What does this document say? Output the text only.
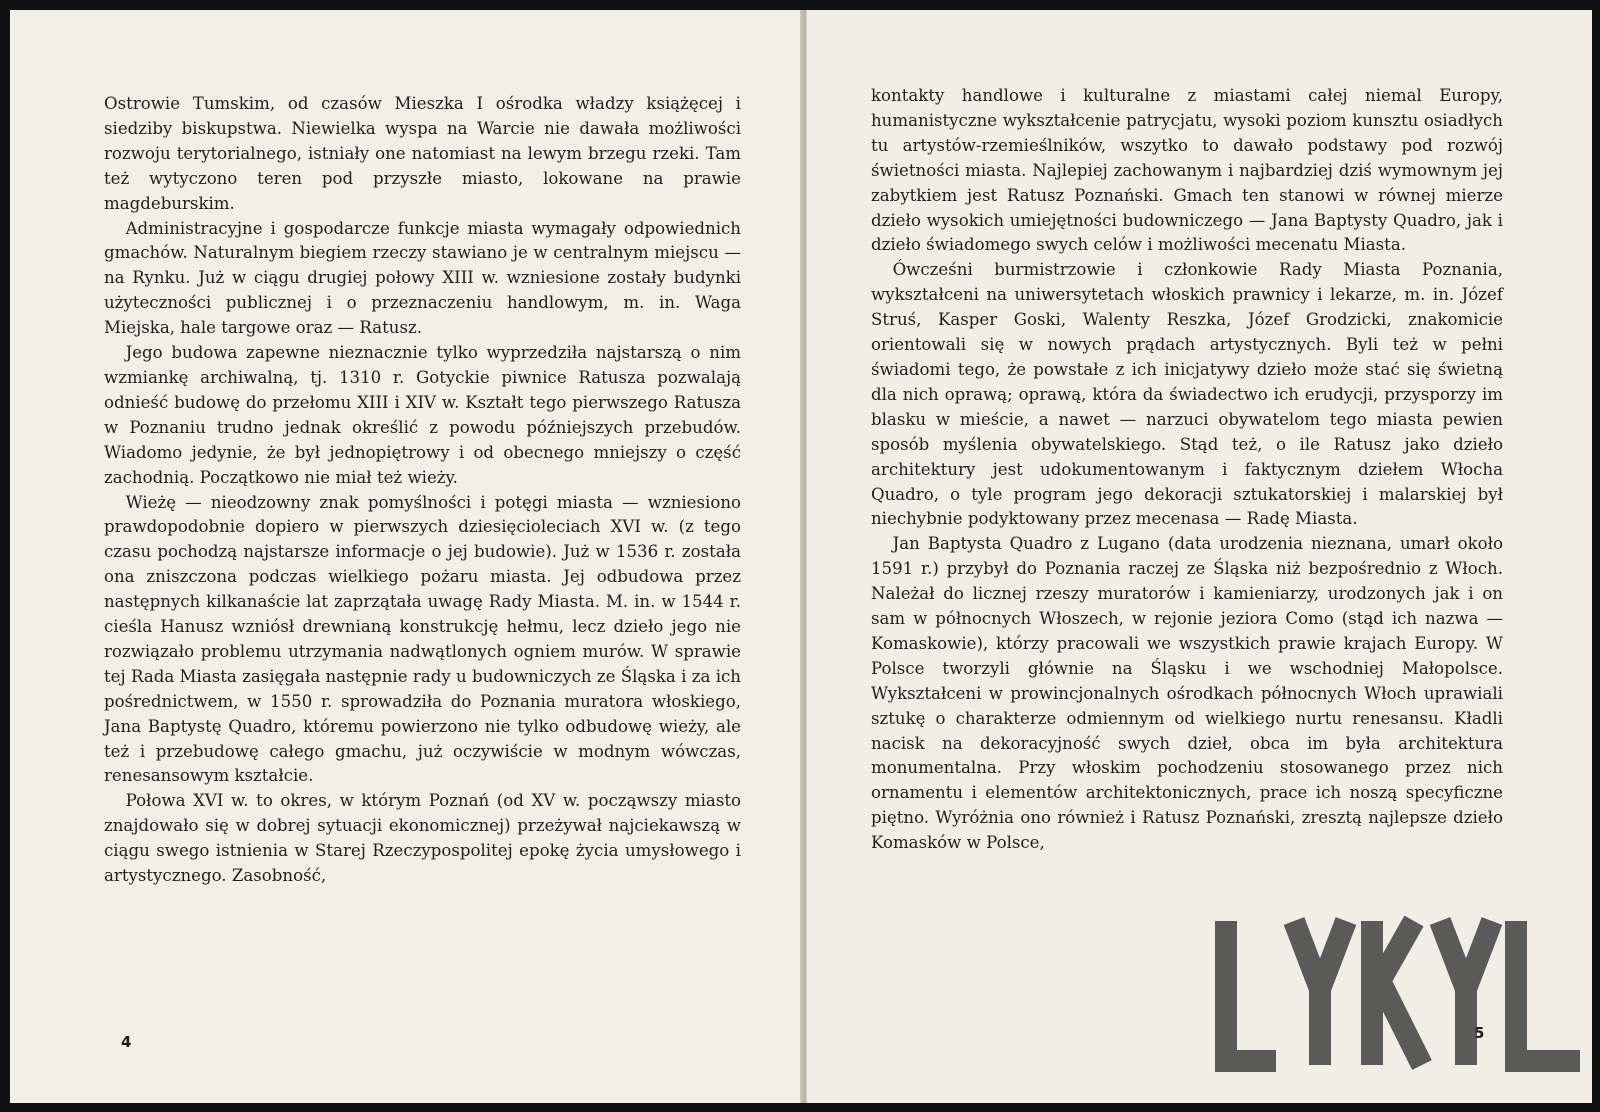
Ostrowie Tumskim, od czasów Mieszka I ośrodka władzy książęcej i siedziby biskupstwa. Niewielka wyspa na Warcie nie dawała możliwości rozwoju terytorialnego, istniały one natomiast na lewym brzegu rzeki. Tam też wytyczono teren pod przyszłe miasto, lokowane na prawie magdeburskim.

Administracyjne i gospodarcze funkcje miasta wymagały odpowiednich gmachów. Naturalnym biegiem rzeczy stawiano je w centralnym miejscu — na Rynku. Już w ciągu drugiej połowy XIII w. wzniesione zostały budynki użyteczności publicznej i o przeznaczeniu handlowym, m. in. Waga Miejska, hale targowe oraz — Ratusz.

Jego budowa zapewne nieznacznie tylko wyprzedziła najstarszą o nim wzmiankę archiwalną, tj. 1310 r. Gotyckie piwnice Ratusza pozwalają odnieść budowę do przełomu XIII i XIV w. Kształt tego pierwszego Ratusza w Poznaniu trudno jednak określić z powodu późniejszych przebudów. Wiadomo jedynie, że był jednopiętrowy i od obecnego mniejszy o część zachodnią. Początkowo nie miał też wieży.

Wieżę — nieodzowny znak pomyślności i potęgi miasta — wzniesiono prawdopodobnie dopiero w pierwszych dziesięcioleciach XVI w. (z tego czasu pochodzą najstarsze informacje o jej budowie). Już w 1536 r. została ona zniszczona podczas wielkiego pożaru miasta. Jej odbudowa przez następnych kilkanaście lat zaprzątała uwagę Rady Miasta. M. in. w 1544 r. cieśla Hanusz wzniósł drewnianą konstrukcję hełmu, lecz dzieło jego nie rozwiązało problemu utrzymania nadwątlonych ogniem murów. W sprawie tej Rada Miasta zasięgała następnie rady u budowniczych ze Śląska i za ich pośrednictwem, w 1550 r. sprowadziła do Poznania muratora włoskiego, Jana Baptystę Quadro, któremu powierzono nie tylko odbudowę wieży, ale też i przebudowę całego gmachu, już oczywiście w modnym wówczas, renesansowym kształcie.

Połowa XVI w. to okres, w którym Poznań (od XV w. począwszy miasto znajdowało się w dobrej sytuacji ekonomicznej) przeżywał najciekawszą w ciągu swego istnienia w Starej Rzeczypospolitej epokę życia umysłowego i artystycznego. Zasobność,

4

kontakty handlowe i kulturalne z miastami całej niemal Europy, humanistyczne wykształcenie patrycjatu, wysoki poziom kunsztu osiadłych tu artystów-rzemieślników, wszytko to dawało podstawy pod rozwój świetności miasta. Najlepiej zachowanym i najbardziej dziś wymownym jej zabytkiem jest Ratusz Poznański. Gmach ten stanowi w równej mierze dzieło wysokich umiejętności budowniczego — Jana Baptysty Quadro, jak i dzieło świadomego swych celów i możliwości mecenatu Miasta.

Ówcześni burmistrzowie i członkowie Rady Miasta Poznania, wykształceni na uniwersytetach włoskich prawnicy i lekarze, m. in. Józef Struś, Kasper Goski, Walenty Reszka, Józef Grodzicki, znakomicie orientowali się w nowych prądach artystycznych. Byli też w pełni świadomi tego, że powstałe z ich inicjatywy dzieło może stać się świetną dla nich oprawą; oprawą, która da świadectwo ich erudycji, przysporzy im blasku w mieście, a nawet — narzuci obywatelom tego miasta pewien sposób myślenia obywatelskiego. Stąd też, o ile Ratusz jako dzieło architektury jest udokumentowanym i faktycznym dziełem Włocha Quadro, o tyle program jego dekoracji sztukatorskiej i malarskiej był niechybnie podyktowany przez mecenasa — Radę Miasta.

Jan Baptysta Quadro z Lugano (data urodzenia nieznana, umarł około 1591 r.) przybył do Poznania raczej ze Śląska niż bezpośrednio z Włoch. Należał do licznej rzeszy muratorów i kamieniarzy, urodzonych jak i on sam w północnych Włoszech, w rejonie jeziora Como (stąd ich nazwa — Komaskowie), którzy pracowali we wszystkich prawie krajach Europy. W Polsce tworzyli głównie na Śląsku i we wschodniej Małopolsce. Wykształceni w prowincjonalnych ośrodkach północnych Włoch uprawiali sztukę o charakterze odmiennym od wielkiego nurtu renesansu. Kładli nacisk na dekoracyjność swych dzieł, obca im była architektura monumentalna. Przy włoskim pochodzeniu stosowanego przez nich ornamentu i elementów architektonicznych, prace ich noszą specyficzne piętno. Wyróżnia ono również i Ratusz Poznański, zresztą najlepsze dzieło Komasków w Polsce,

5
